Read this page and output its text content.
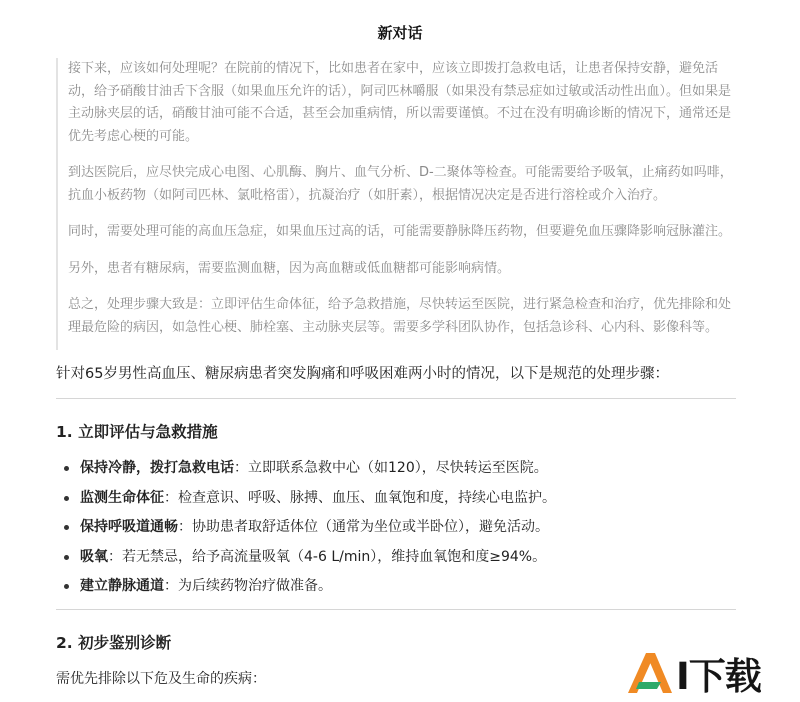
新对话

接下来，应该如何处理呢？在院前的情况下，比如患者在家中，应该立即拨打急救电话，让患者保持安静，避免活动，给予硝酸甘油舌下含服（如果血压允许的话），阿司匹林嚼服（如果没有禁忌症如过敏或活动性出血）。但如果是主动脉夹层的话，硝酸甘油可能不合适，甚至会加重病情，所以需要谨慎。不过在没有明确诊断的情况下，通常还是优先考虑心梗的可能。

到达医院后，应尽快完成心电图、心肌酶、胸片、血气分析、D-二聚体等检查。可能需要给予吸氧，止痛药如吗啡，抗血小板药物（如阿司匹林、氯吡格雷），抗凝治疗（如肝素），根据情况决定是否进行溶栓或介入治疗。

同时，需要处理可能的高血压急症，如果血压过高的话，可能需要静脉降压药物，但要避免血压骤降影响冠脉灌注。

另外，患者有糖尿病，需要监测血糖，因为高血糖或低血糖都可能影响病情。

总之，处理步骤大致是：立即评估生命体征，给予急救措施，尽快转运至医院，进行紧急检查和治疗，优先排除和处理最危险的病因，如急性心梗、肺栓塞、主动脉夹层等。需要多学科团队协作，包括急诊科、心内科、影像科等。

针对65岁男性高血压、糖尿病患者突发胸痛和呼吸困难两小时的情况，以下是规范的处理步骤：
1. 立即评估与急救措施
保持冷静，拨打急救电话：立即联系急救中心（如120），尽快转运至医院。
监测生命体征：检查意识、呼吸、脉搏、血压、血氧饱和度，持续心电监护。
保持呼吸道通畅：协助患者取舒适体位（通常为坐位或半卧位），避免活动。
吸氧：若无禁忌，给予高流量吸氧（4-6 L/min），维持血氧饱和度≥94%。
建立静脉通道：为后续药物治疗做准备。
2. 初步鉴别诊断
需优先排除以下危及生命的疾病：	I下载
